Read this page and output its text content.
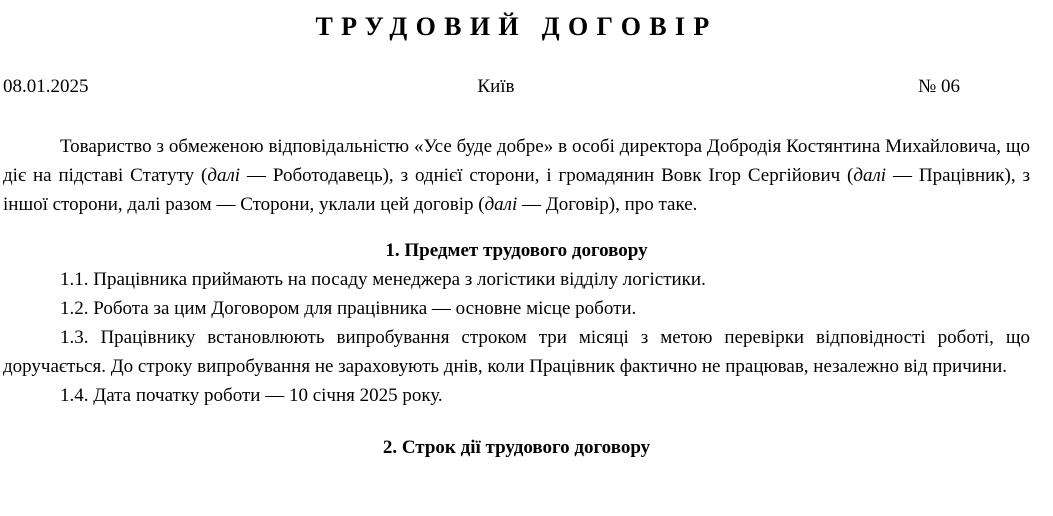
ТРУДОВИЙ ДОГОВІР
08.01.2025	Київ	№ 06

Товариство з обмеженою відповідальністю «Усе буде добре» в особі директора Добродія Костянтина Михайловича, що діє на підставі Статуту (далі — Роботодавець), з однієї сторони, і громадянин Вовк Ігор Сергійович (далі — Працівник), з іншої сторони, далі разом — Сторони, уклали цей договір (далі — Договір), про таке.

1. Предмет трудового договору

1.1. Працівника приймають на посаду менеджера з логістики відділу логістики.

1.2. Робота за цим Договором для працівника — основне місце роботи.

1.3. Працівнику встановлюють випробування строком три місяці з метою перевірки відповідності роботі, що доручається. До строку випробування не зараховують днів, коли Працівник фактично не працював, незалежно від причини.

1.4. Дата початку роботи — 10 січня 2025 року.

2. Строк дії трудового договору
